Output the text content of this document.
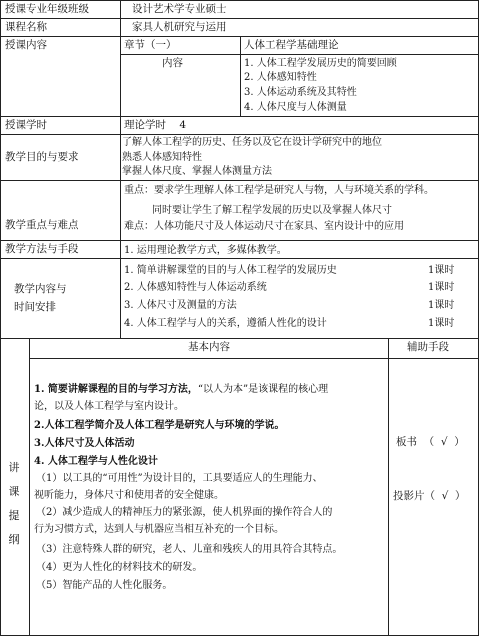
授课专业年级班级	设计艺术学专业硕士
课程名称	家具人机研究与运用
授课内容	章节（一）	人体工程学基础理论
内容	1. 人体工程学发展历史的简要回顾
2. 人体感知特性
3. 人体运动系统及其特性
4. 人体尺度与人体测量
授课学时	理论学时    4
教学目的与要求
了解人体工程学的历史、任务以及它在设计学研究中的地位
熟悉人体感知特性
掌握人体尺度、掌握人体测量方法
教学重点与难点
重点：要求学生理解人体工程学是研究人与物，人与环境关系的学科。
同时要让学生了解工程学发展的历史以及掌握人体尺寸
难点：人体功能尺寸及人体运动尺寸在家具、室内设计中的应用
教学方法与手段	1. 运用理论教学方式，多媒体教学。
教学内容与
时间安排
1. 简单讲解课堂的目的与人体工程学的发展历史	1课时
2. 人体感知特性与人体运动系统	1课时
3. 人体尺寸及测量的方法	1课时
4. 人体工程学与人的关系，遵循人性化的设计	1课时
讲
课
提
纲
基本内容	辅助手段
1. 简要讲解课程的目的与学习方法，“以人为本”是该课程的核心理
论，以及人体工程学与室内设计。
2.人体工程学简介及人体工程学是研究人与环境的学说。
3.人体尺寸及人体活动
4. 人体工程学与人性化设计
（1）以工具的“可用性”为设计目的，工具要适应人的生理能力、
视听能力，身体尺寸和使用者的安全健康。
（2）减少造成人的精神压力的紧张源，使人机界面的操作符合人的
行为习惯方式，达到人与机器应当相互补充的一个目标。
（3）注意特殊人群的研究，老人、儿童和残疾人的用具符合其特点。
（4）更为人性化的材料技术的研发。
（5）智能产品的人性化服务。
板书  （  √  ）
投影片（  √  ）
